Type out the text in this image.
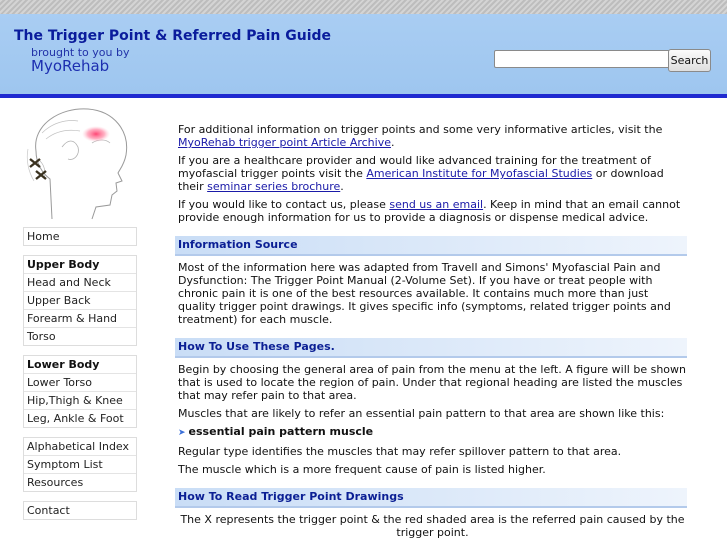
The Trigger Point & Referred Pain Guide
brought to you by
MyoRehab	Search
Home
Upper Body
Head and Neck
Upper Back
Forearm & Hand
Torso
Lower Body
Lower Torso
Hip,Thigh & Knee
Leg, Ankle & Foot
Alphabetical Index
Symptom List
Resources
Contact

For additional information on trigger points and some very informative articles, visit the MyoRehab trigger point Article Archive.

If you are a healthcare provider and would like advanced training for the treatment of myofascial trigger points visit the American Institute for Myofascial Studies or download their seminar series brochure.

If you would like to contact us, please send us an email. Keep in mind that an email cannot provide enough information for us to provide a diagnosis or dispense medical advice.

Information Source

Most of the information here was adapted from Travell and Simons' Myofascial Pain and Dysfunction: The Trigger Point Manual (2-Volume Set). If you have or treat people with chronic pain it is one of the best resources available. It contains much more than just quality trigger point drawings. It gives specific info (symptoms, related trigger points and treatment) for each muscle.

How To Use These Pages.

Begin by choosing the general area of pain from the menu at the left. A figure will be shown that is used to locate the region of pain. Under that regional heading are listed the muscles that may refer pain to that area.

Muscles that are likely to refer an essential pain pattern to that area are shown like this:

➤ essential pain pattern muscle

Regular type identifies the muscles that may refer spillover pattern to that area.

The muscle which is a more frequent cause of pain is listed higher.

How To Read Trigger Point Drawings

The X represents the trigger point & the red shaded area is the referred pain caused by the trigger point.
